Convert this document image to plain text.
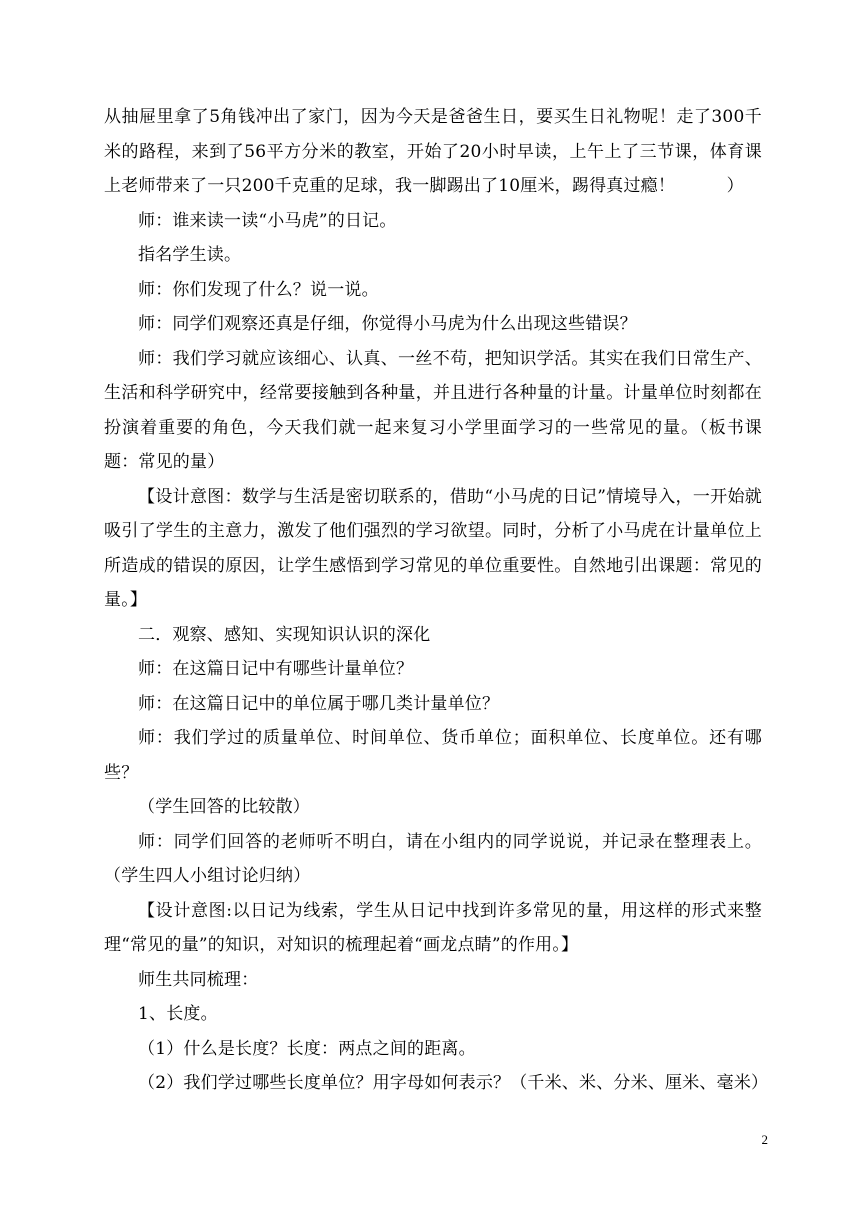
从抽屉里拿了5角钱冲出了家门，因为今天是爸爸生日，要买生日礼物呢！走了300千米的路程，来到了56平方分米的教室，开始了20小时早读，上午上了三节课，体育课上老师带来了一只200千克重的足球，我一脚踢出了10厘米，踢得真过瘾！　　　）

师：谁来读一读“小马虎”的日记。

指名学生读。

师：你们发现了什么？说一说。

师：同学们观察还真是仔细，你觉得小马虎为什么出现这些错误？

师：我们学习就应该细心、认真、一丝不苟，把知识学活。其实在我们日常生产、生活和科学研究中，经常要接触到各种量，并且进行各种量的计量。计量单位时刻都在扮演着重要的角色，今天我们就一起来复习小学里面学习的一些常见的量。（板书课题：常见的量）

【设计意图：数学与生活是密切联系的，借助“小马虎的日记”情境导入，一开始就吸引了学生的主意力，激发了他们强烈的学习欲望。同时，分析了小马虎在计量单位上所造成的错误的原因，让学生感悟到学习常见的单位重要性。自然地引出课题：常见的量。】

二．观察、感知、实现知识认识的深化

师：在这篇日记中有哪些计量单位？

师：在这篇日记中的单位属于哪几类计量单位？

师：我们学过的质量单位、时间单位、货币单位；面积单位、长度单位。还有哪些？

（学生回答的比较散）

师：同学们回答的老师听不明白，请在小组内的同学说说，并记录在整理表上。（学生四人小组讨论归纳）

【设计意图:以日记为线索，学生从日记中找到许多常见的量，用这样的形式来整理“常见的量”的知识，对知识的梳理起着“画龙点睛”的作用。】

师生共同梳理：

1、长度。

（1）什么是长度？长度：两点之间的距离。

（2）我们学过哪些长度单位？用字母如何表示？（千米、米、分米、厘米、毫米）

2
